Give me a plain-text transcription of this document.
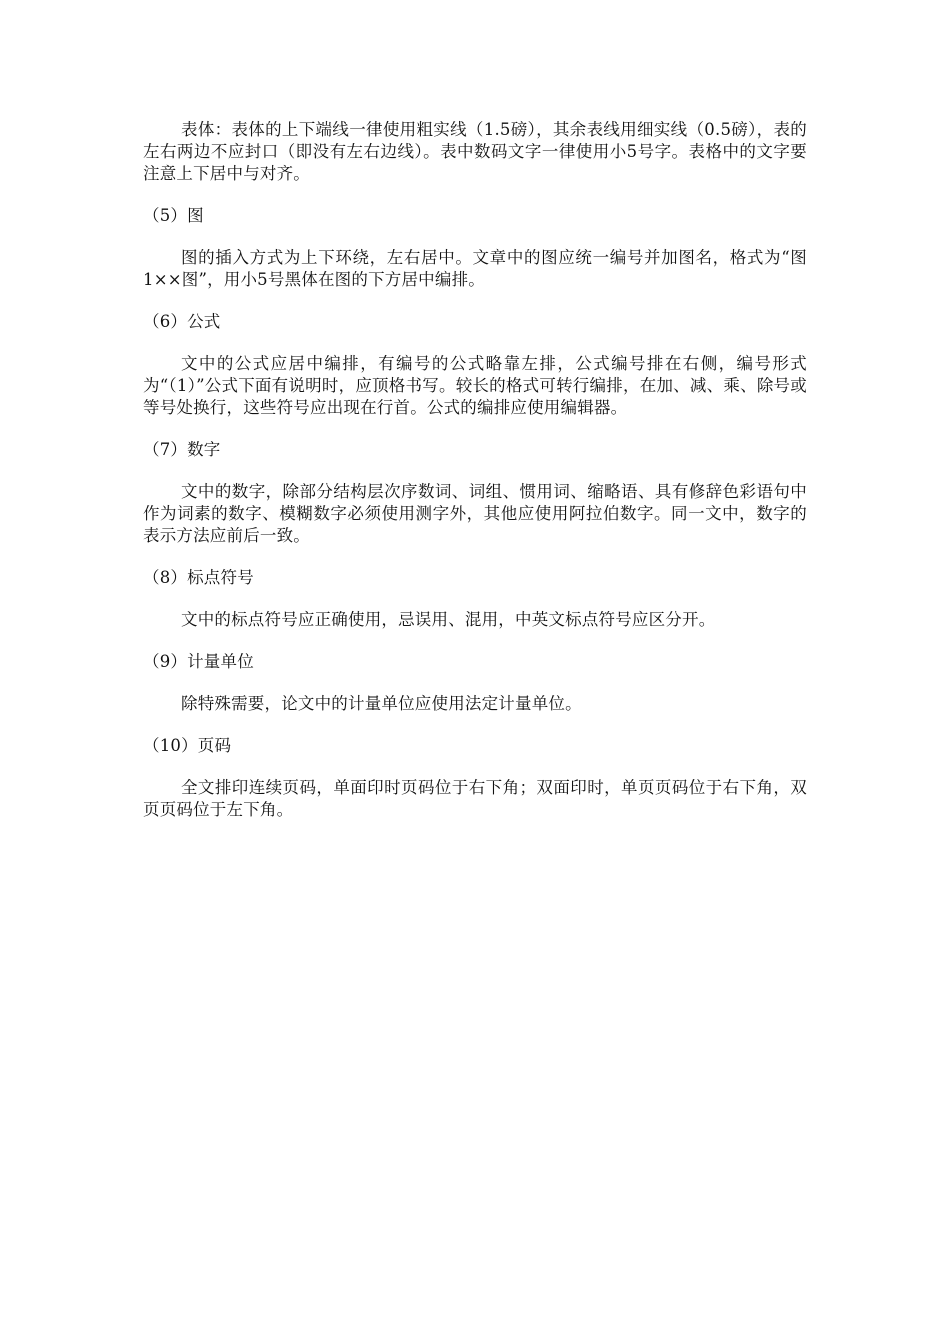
表体：表体的上下端线一律使用粗实线（1.5磅），其余表线用细实线（0.5磅），表的左右两边不应封口（即没有左右边线）。表中数码文字一律使用小5号字。表格中的文字要注意上下居中与对齐。

（5）图

图的插入方式为上下环绕，左右居中。文章中的图应统一编号并加图名，格式为“图1××图”，用小5号黑体在图的下方居中编排。

（6）公式

文中的公式应居中编排，有编号的公式略靠左排，公式编号排在右侧，编号形式为“（1）”公式下面有说明时，应顶格书写。较长的格式可转行编排，在加、减、乘、除号或等号处换行，这些符号应出现在行首。公式的编排应使用编辑器。

（7）数字

文中的数字，除部分结构层次序数词、词组、惯用词、缩略语、具有修辞色彩语句中作为词素的数字、模糊数字必须使用测字外，其他应使用阿拉伯数字。同一文中，数字的表示方法应前后一致。

（8）标点符号

文中的标点符号应正确使用，忌误用、混用，中英文标点符号应区分开。

（9）计量单位

除特殊需要，论文中的计量单位应使用法定计量单位。

（10）页码

全文排印连续页码，单面印时页码位于右下角；双面印时，单页页码位于右下角，双页页码位于左下角。
